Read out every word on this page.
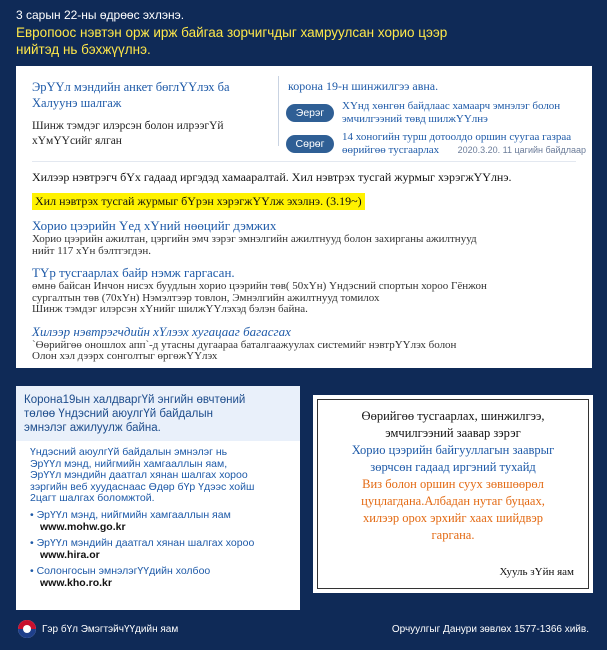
3 сарын 22-ны өдрөөс эхлэнэ.
Европоос нэвтэн орж ирж байгаа зорчигчдыг хамруулсан хорио цээр
нийтэд нь бэхжүүлнэ.
ЭрҮҮл мэндийн анкет бөглҮҮлэх ба
Халуунэ шалгаж
Шинж тэмдэг илэрсэн болон илрээгҮй
хҮмҮҮсийг ялган
корона 19-н шинжилгээ авна.
Эерэг
ХҮнд хөнгөн байдлааc хамаарч эмнэлэг болон эмчилгээний төвд шилжҮҮлнэ
Сөрөг
14 хоногийн турш дотоолдо оршин суугаа газраа өөрийгөө тусгаарлах	2020.3.20. 11 цагийн байдлаар
Хилээр нэвтрэгч бҮх гадаад иргэдэд хамааралтай. Хил нэвтрэх тусгай журмыг хэрэгжҮҮлнэ.
Хил нэвтрэх тусгай журмыг бҮрэн хэрэгжҮҮлж эхэлнэ. (3.19~)
Хорио цээрийн Үед хҮний нөөцийг дэмжих
Хорио цээрийн ажилтан, цэргийн эмч зэрэг эмнэлгийн ажилтнууд болон захирганы ажилтнууд
нийт 117 хҮн бэлтгэгдэн.
ТҮр тусгаарлах байр нэмж гаргасан.
өмнө байсан Инчон нисэх буудлын хорио цээрийн төв( 50хҮн) Үндэсний спортын хороо Гёнжон
сургалтын төв (70хҮн) Нэмэлтээр товлон, Эмнэлгийн ажилтнууд томилох
Шинж тэмдэг илэрсэн хҮнийг шилжҮҮлэхэд бэлэн байна.
Хилээр нэвтрэгчдийн хҮлээх хугацааг багасгах
`Өөрийгөө оношлох апп`-д утасны дугаараа баталгаажуулах системийг нэвтрҮҮлэх болон
Олон хэл дээрх сонголтыг өргөжҮҮлэх
Корона19ын халдваргҮй энгийн өвчтөний
төлөө Үндэсний аюулгҮй байдалын
эмнэлэг ажилуулж байна.
Үндэсний аюулгҮй байдалын эмнэлэг нь
ЭрҮҮл мэнд, нийгмийн хамгааллын яам,
ЭрҮҮл мэндийн даатгал хянан шалгах хороо
зэргийн веб хуудаснаас Өдөр бҮр Үдээс хойш
2цагт шалгах боломжтой.
• ЭрҮҮл мэнд, нийгмийн хамгааллын яам
www.mohw.go.kr
• ЭрҮҮл мэндийн даатгал хянан шалгах хороо
www.hira.or
• Солонгосын эмнэлэгҮҮдийн холбоо
www.kho.ro.kr
Өөрийгөө тусгаарлах, шинжилгээ,
эмчилгээний заавар зэрэг
Хорио цээрийн байгууллагын зааврыг
зөрчсөн гадаад иргэний тухайд
Виз болон оршин суух зөвшөөрөл
цуцлагдана.Албадан нутаг буцаах,
хилээр орох эрхийг хаах шийдвэр
гаргана.
Хууль зҮйн яам
Гэр бҮл ЭмэгтэйчҮҮдийн яам	Орчуулгыг Данури зөвлөх 1577-1366 хийв.
